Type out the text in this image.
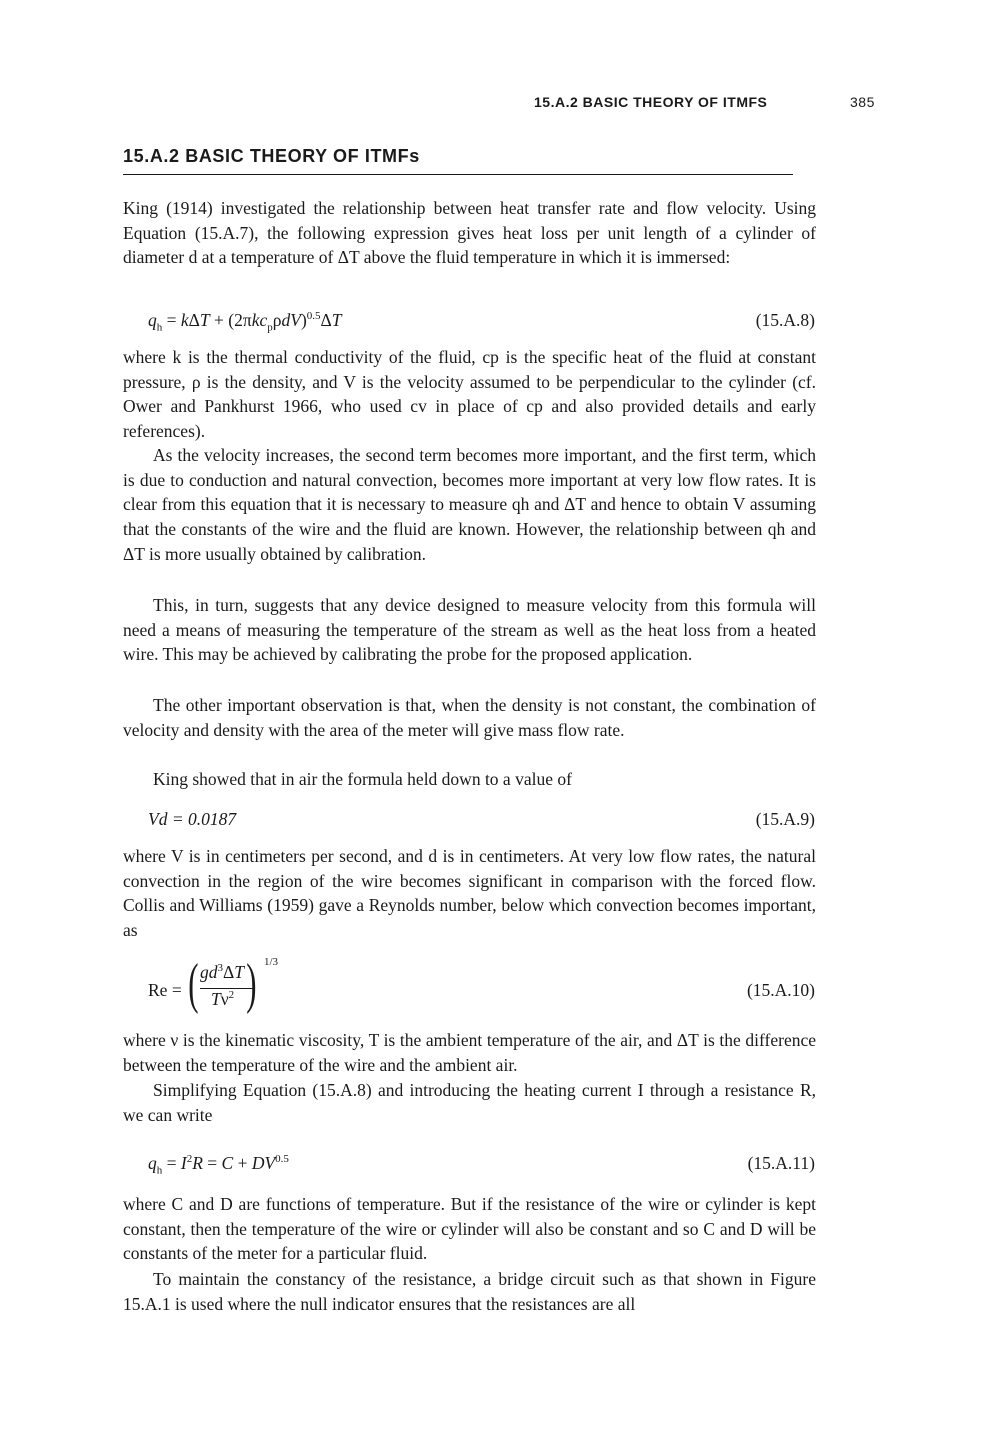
15.A.2 BASIC THEORY OF ITMFS	385
15.A.2 BASIC THEORY OF ITMFs

King (1914) investigated the relationship between heat transfer rate and flow velocity. Using Equation (15.A.7), the following expression gives heat loss per unit length of a cylinder of diameter d at a temperature of ΔT above the fluid temperature in which it is immersed:

$q_h = k\Delta T + (2\pi kc_p\rho dV)^{0.5}\Delta T$	(15.A.8)

where k is the thermal conductivity of the fluid, cp is the specific heat of the fluid at constant pressure, ρ is the density, and V is the velocity assumed to be perpendicular to the cylinder (cf. Ower and Pankhurst 1966, who used cv in place of cp and also provided details and early references).

As the velocity increases, the second term becomes more important, and the first term, which is due to conduction and natural convection, becomes more important at very low flow rates. It is clear from this equation that it is necessary to measure qh and ΔT and hence to obtain V assuming that the constants of the wire and the fluid are known. However, the relationship between qh and ΔT is more usually obtained by calibration.

This, in turn, suggests that any device designed to measure velocity from this formula will need a means of measuring the temperature of the stream as well as the heat loss from a heated wire. This may be achieved by calibrating the probe for the proposed application.

The other important observation is that, when the density is not constant, the combination of velocity and density with the area of the meter will give mass flow rate.

King showed that in air the formula held down to a value of

Vd = 0.0187	(15.A.9)

where V is in centimeters per second, and d is in centimeters. At very low flow rates, the natural convection in the region of the wire becomes significant in comparison with the forced flow. Collis and Williams (1959) gave a Reynolds number, below which convection becomes important, as

Re = ( $gd^3\Delta T$
$T\nu^2$ ) 1/3
(15.A.10)

where ν is the kinematic viscosity, T is the ambient temperature of the air, and ΔT is the difference between the temperature of the wire and the ambient air.

Simplifying Equation (15.A.8) and introducing the heating current I through a resistance R, we can write

$q_h = I^2R = C + DV^{0.5}$	(15.A.11)

where C and D are functions of temperature. But if the resistance of the wire or cylinder is kept constant, then the temperature of the wire or cylinder will also be constant and so C and D will be constants of the meter for a particular fluid.

To maintain the constancy of the resistance, a bridge circuit such as that shown in Figure 15.A.1 is used where the null indicator ensures that the resistances are all
